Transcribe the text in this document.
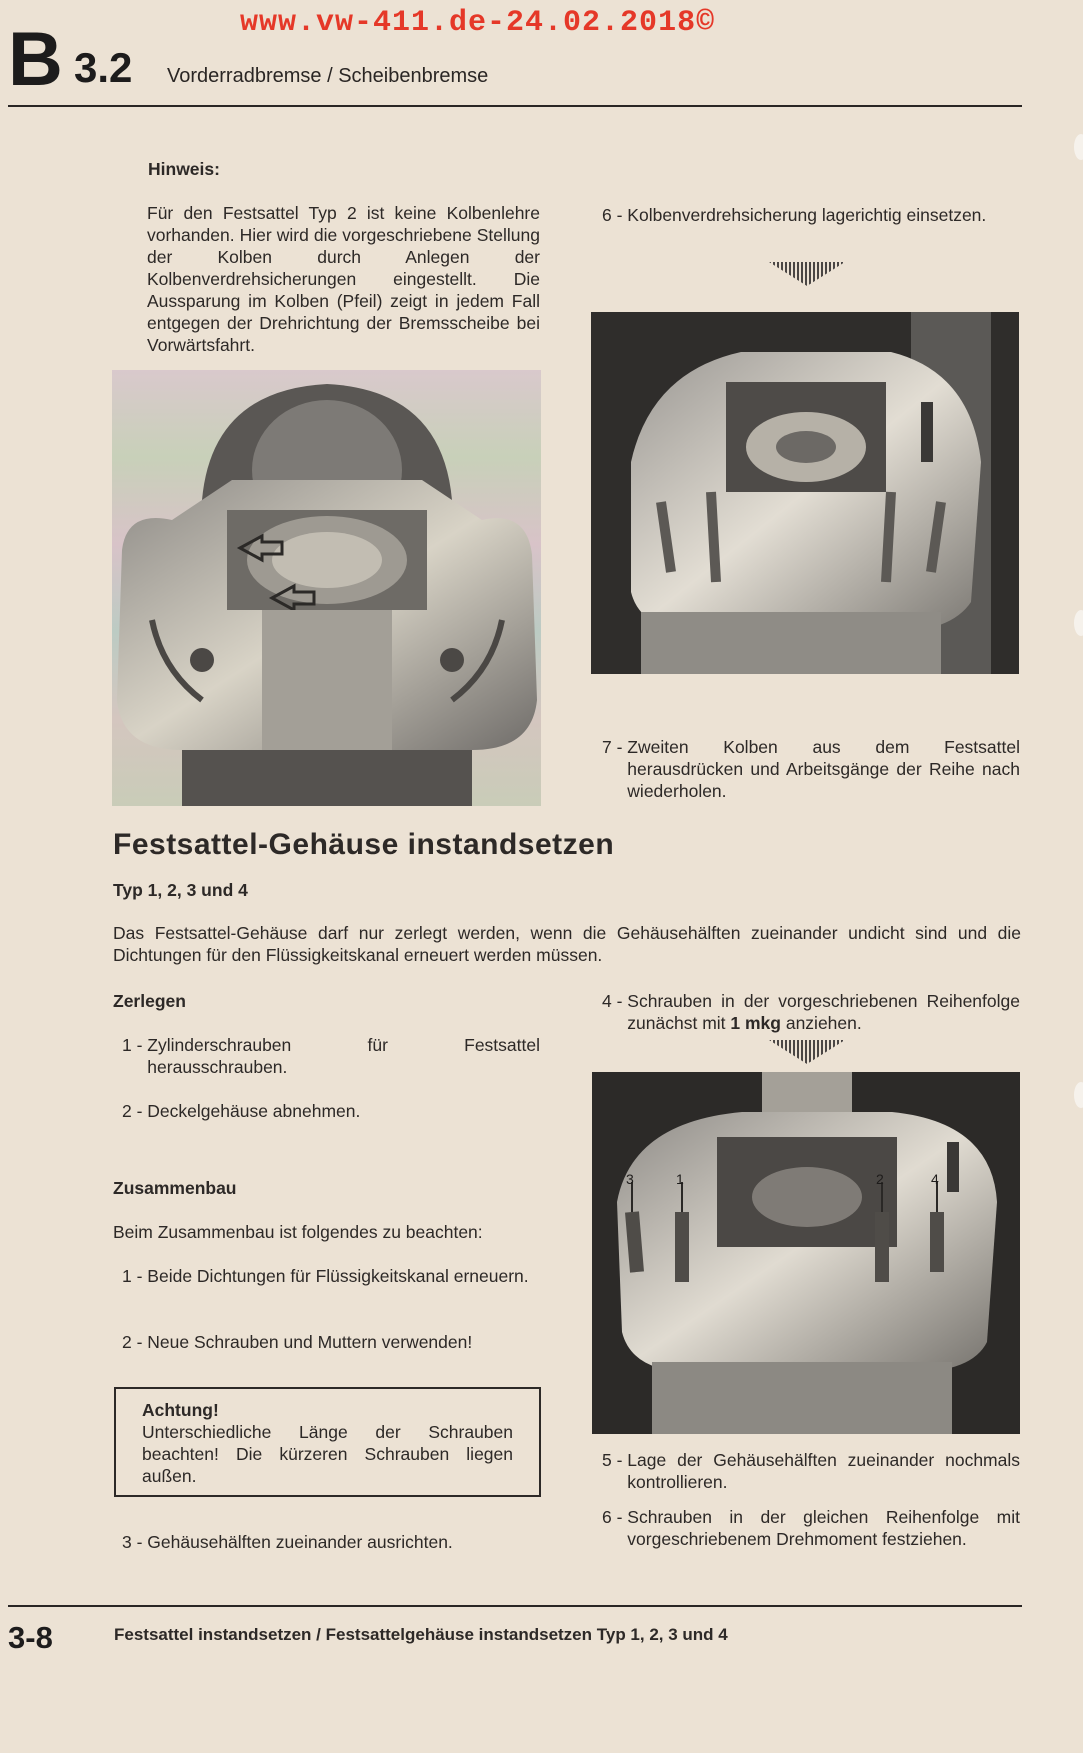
www.vw-411.de-24.02.2018©
B 3.2 Vorderradbremse / Scheibenbremse
Hinweis:
Für den Festsattel Typ 2 ist keine Kolbenlehre vorhanden. Hier wird die vorgeschriebene Stellung der Kolben durch Anlegen der Kolbenverdrehsicherungen eingestellt. Die Aussparung im Kolben (Pfeil) zeigt in jedem Fall entgegen der Drehrichtung der Bremsscheibe bei Vorwärtsfahrt.
6 - Kolbenverdrehsicherung lagerichtig einsetzen.
7 - Zweiten Kolben aus dem Festsattel herausdrücken und Arbeitsgänge der Reihe nach wiederholen.
Festsattel-Gehäuse instandsetzen
Typ 1, 2, 3 und 4
Das Festsattel-Gehäuse darf nur zerlegt werden, wenn die Gehäusehälften zueinander undicht sind und die Dichtungen für den Flüssigkeitskanal erneuert werden müssen.
Zerlegen
1 - Zylinderschrauben für Festsattel herausschrauben.
2 - Deckelgehäuse abnehmen.
Zusammenbau
Beim Zusammenbau ist folgendes zu beachten:
1 - Beide Dichtungen für Flüssigkeitskanal erneuern.
2 - Neue Schrauben und Muttern verwenden!
Achtung!
Unterschiedliche Länge der Schrauben beachten! Die kürzeren Schrauben liegen außen.
3 - Gehäusehälften zueinander ausrichten.
4 - Schrauben in der vorgeschriebenen Reihenfolge zunächst mit 1 mkg anziehen.
3	1	2	4
5 - Lage der Gehäusehälften zueinander nochmals kontrollieren.
6 - Schrauben in der gleichen Reihenfolge mit vorgeschriebenem Drehmoment festziehen.
3-8	Festsattel instandsetzen / Festsattelgehäuse instandsetzen Typ 1, 2, 3 und 4
